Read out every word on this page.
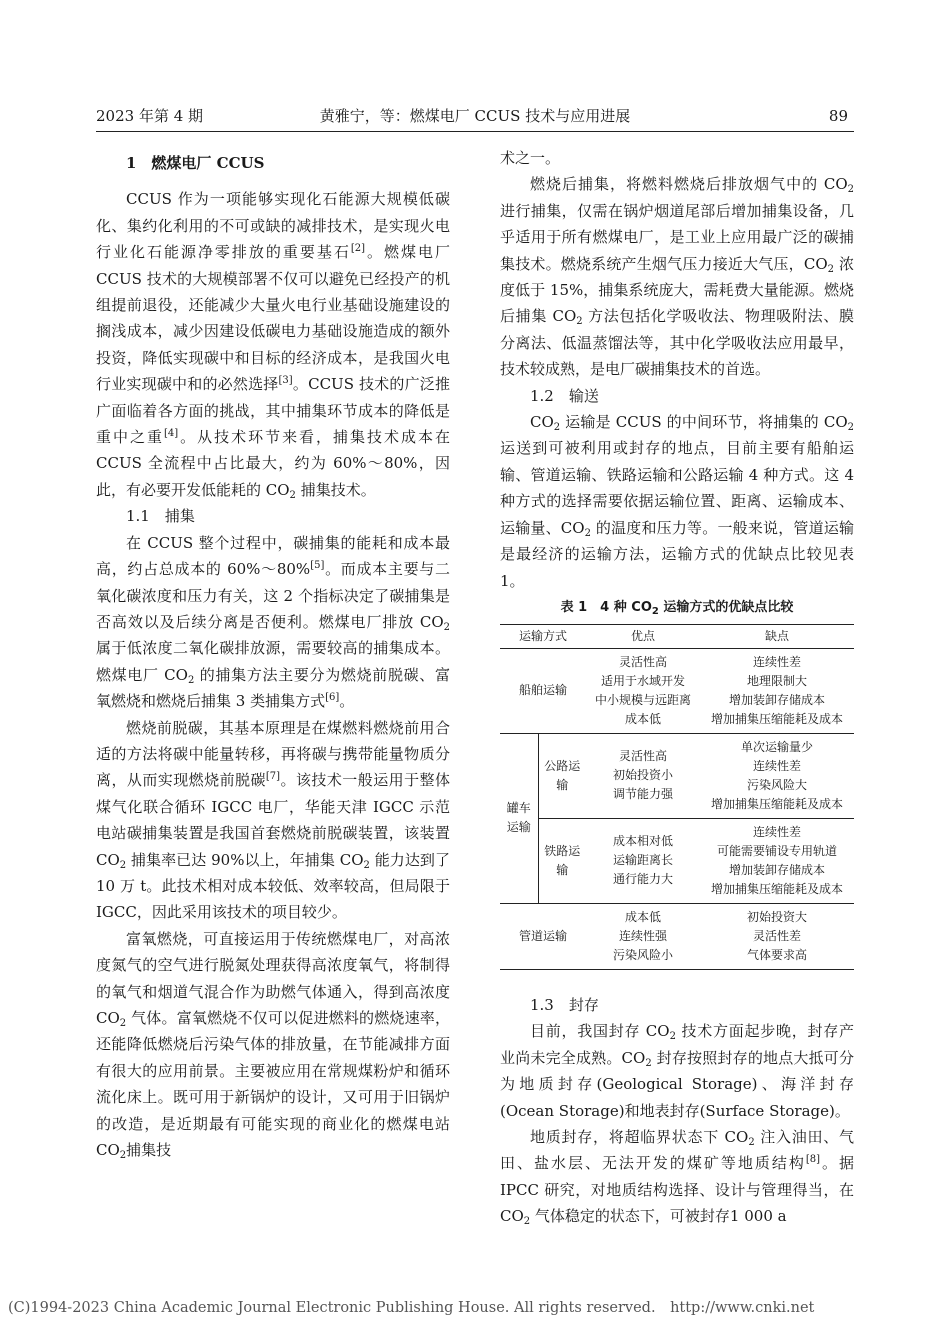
2023 年第 4 期	黄雅宁，等：燃煤电厂 CCUS 技术与应用进展	89

1　燃煤电厂 CCUS

CCUS 作为一项能够实现化石能源大规模低碳化、集约化利用的不可或缺的减排技术，是实现火电行业化石能源净零排放的重要基石[2]。燃煤电厂 CCUS 技术的大规模部署不仅可以避免已经投产的机组提前退役，还能减少大量火电行业基础设施建设的搁浅成本，减少因建设低碳电力基础设施造成的额外投资，降低实现碳中和目标的经济成本，是我国火电行业实现碳中和的必然选择[3]。CCUS 技术的广泛推广面临着各方面的挑战，其中捕集环节成本的降低是重中之重[4]。从技术环节来看，捕集技术成本在 CCUS 全流程中占比最大，约为 60%～80%，因此，有必要开发低能耗的 $CO_2$ 捕集技术。

1.1　捕集

在 CCUS 整个过程中，碳捕集的能耗和成本最高，约占总成本的 60%～80%[5]。而成本主要与二氧化碳浓度和压力有关，这 2 个指标决定了碳捕集是否高效以及后续分离是否便利。燃煤电厂排放 $CO_2$ 属于低浓度二氧化碳排放源，需要较高的捕集成本。燃煤电厂 $CO_2$ 的捕集方法主要分为燃烧前脱碳、富氧燃烧和燃烧后捕集 3 类捕集方式[6]。

燃烧前脱碳，其基本原理是在煤燃料燃烧前用合适的方法将碳中能量转移，再将碳与携带能量物质分离，从而实现燃烧前脱碳[7]。该技术一般运用于整体煤气化联合循环 IGCC 电厂，华能天津 IGCC 示范电站碳捕集装置是我国首套燃烧前脱碳装置，该装置 $CO_2$ 捕集率已达 90%以上，年捕集 $CO_2$ 能力达到了 10 万 t。此技术相对成本较低、效率较高，但局限于 IGCC，因此采用该技术的项目较少。

富氧燃烧，可直接运用于传统燃煤电厂，对高浓度氮气的空气进行脱氮处理获得高浓度氧气，将制得的氧气和烟道气混合作为助燃气体通入，得到高浓度 $CO_2$ 气体。富氧燃烧不仅可以促进燃料的燃烧速率，还能降低燃烧后污染气体的排放量，在节能减排方面有很大的应用前景。主要被应用在常规煤粉炉和循环流化床上。既可用于新锅炉的设计，又可用于旧锅炉的改造，是近期最有可能实现的商业化的燃煤电站 $CO_2$捕集技

术之一。

燃烧后捕集，将燃料燃烧后排放烟气中的 $CO_2$ 进行捕集，仅需在锅炉烟道尾部后增加捕集设备，几乎适用于所有燃煤电厂，是工业上应用最广泛的碳捕集技术。燃烧系统产生烟气压力接近大气压，$CO_2$ 浓度低于 15%，捕集系统庞大，需耗费大量能源。燃烧后捕集 $CO_2$ 方法包括化学吸收法、物理吸附法、膜分离法、低温蒸馏法等，其中化学吸收法应用最早，技术较成熟，是电厂碳捕集技术的首选。

1.2　输送

$CO_2$ 运输是 CCUS 的中间环节，将捕集的 $CO_2$ 运送到可被利用或封存的地点，目前主要有船舶运输、管道运输、铁路运输和公路运输 4 种方式。这 4 种方式的选择需要依据运输位置、距离、运输成本、运输量、$CO_2$ 的温度和压力等。一般来说，管道运输是最经济的运输方法，运输方式的优缺点比较见表 1。

表 1　4 种 $CO_2$ 运输方式的优缺点比较
运输方式		优点	缺点
船舶运输		灵活性高
适用于水域开发
中小规模与远距离
成本低	连续性差
地理限制大
增加装卸存储成本
增加捕集压缩能耗及成本

罐车运输	公路运输	灵活性高
初始投资小
调节能力强	单次运输量少
连续性差
污染风险大
增加捕集压缩能耗及成本

	铁路运输	成本相对低
运输距离长
通行能力大	连续性差
可能需要铺设专用轨道
增加装卸存储成本
增加捕集压缩能耗及成本

管道运输		成本低
连续性强
污染风险小	初始投资大
灵活性差
气体要求高

1.3　封存

目前，我国封存 $CO_2$ 技术方面起步晚，封存产业尚未完全成熟。$CO_2$ 封存按照封存的地点大抵可分为地质封存(Geological Storage)、海洋封存(Ocean Storage)和地表封存(Surface Storage)。

地质封存，将超临界状态下 $CO_2$ 注入油田、气田、盐水层、无法开发的煤矿等地质结构[8]。据 IPCC 研究，对地质结构选择、设计与管理得当，在 $CO_2$ 气体稳定的状态下，可被封存1 000 a

(C)1994-2023 China Academic Journal Electronic Publishing House. All rights reserved.　http://www.cnki.net
